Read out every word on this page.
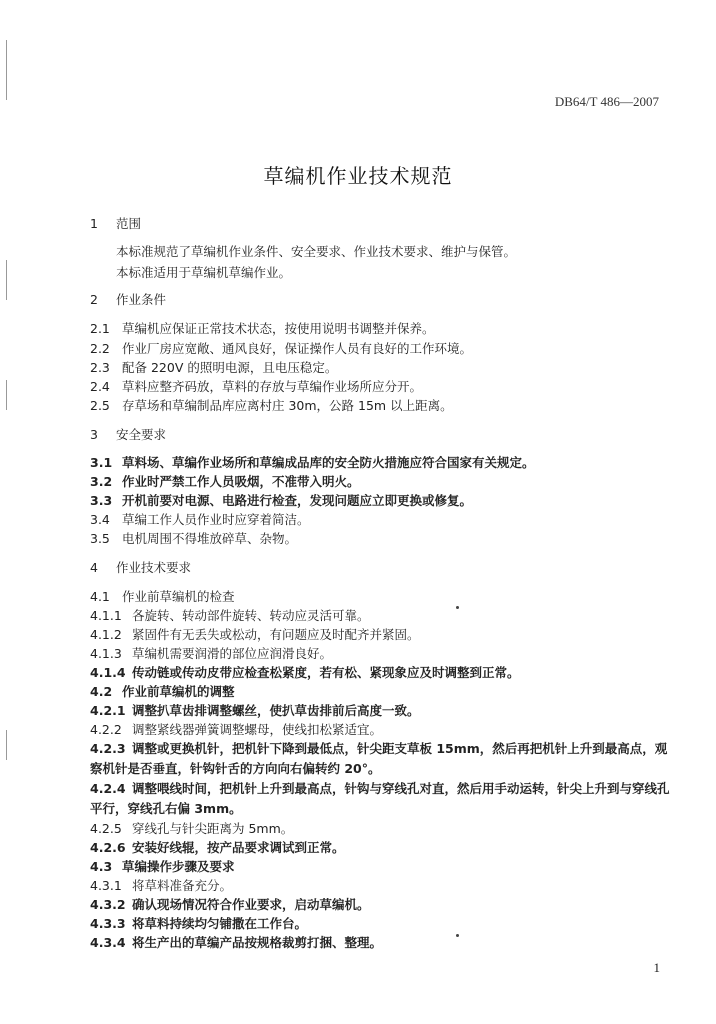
DB64/T 486—2007
草编机作业技术规范
1 范围
本标准规范了草编机作业条件、安全要求、作业技术要求、维护与保管。
本标准适用于草编机草编作业。
2 作业条件
2.1 草编机应保证正常技术状态，按使用说明书调整并保养。
2.2 作业厂房应宽敞、通风良好，保证操作人员有良好的工作环境。
2.3 配备 220V 的照明电源，且电压稳定。
2.4 草料应整齐码放，草料的存放与草编作业场所应分开。
2.5 存草场和草编制品库应离村庄 30m，公路 15m 以上距离。
3 安全要求
3.1 草料场、草编作业场所和草编成品库的安全防火措施应符合国家有关规定。
3.2 作业时严禁工作人员吸烟，不准带入明火。
3.3 开机前要对电源、电路进行检查，发现问题应立即更换或修复。
3.4 草编工作人员作业时应穿着简洁。
3.5 电机周围不得堆放碎草、杂物。
4 作业技术要求
4.1 作业前草编机的检查
4.1.1 各旋转、转动部件旋转、转动应灵活可靠。
4.1.2 紧固件有无丢失或松动，有问题应及时配齐并紧固。
4.1.3 草编机需要润滑的部位应润滑良好。
4.1.4 传动链或传动皮带应检查松紧度，若有松、紧现象应及时调整到正常。
4.2 作业前草编机的调整
4.2.1 调整扒草齿排调整螺丝，使扒草齿排前后高度一致。
4.2.2 调整紧线器弹簧调整螺母，使线扣松紧适宜。
4.2.3 调整或更换机针，把机针下降到最低点，针尖距支草板 15mm，然后再把机针上升到最高点，观察机针是否垂直，针钩针舌的方向向右偏转约 20°。
4.2.4 调整喂线时间，把机针上升到最高点，针钩与穿线孔对直，然后用手动运转，针尖上升到与穿线孔平行，穿线孔右偏 3mm。
4.2.5 穿线孔与针尖距离为 5mm。
4.2.6 安装好线辊，按产品要求调试到正常。
4.3 草编操作步骤及要求
4.3.1 将草料准备充分。
4.3.2 确认现场情况符合作业要求，启动草编机。
4.3.3 将草料持续均匀铺撒在工作台。
4.3.4 将生产出的草编产品按规格裁剪打捆、整理。
1
